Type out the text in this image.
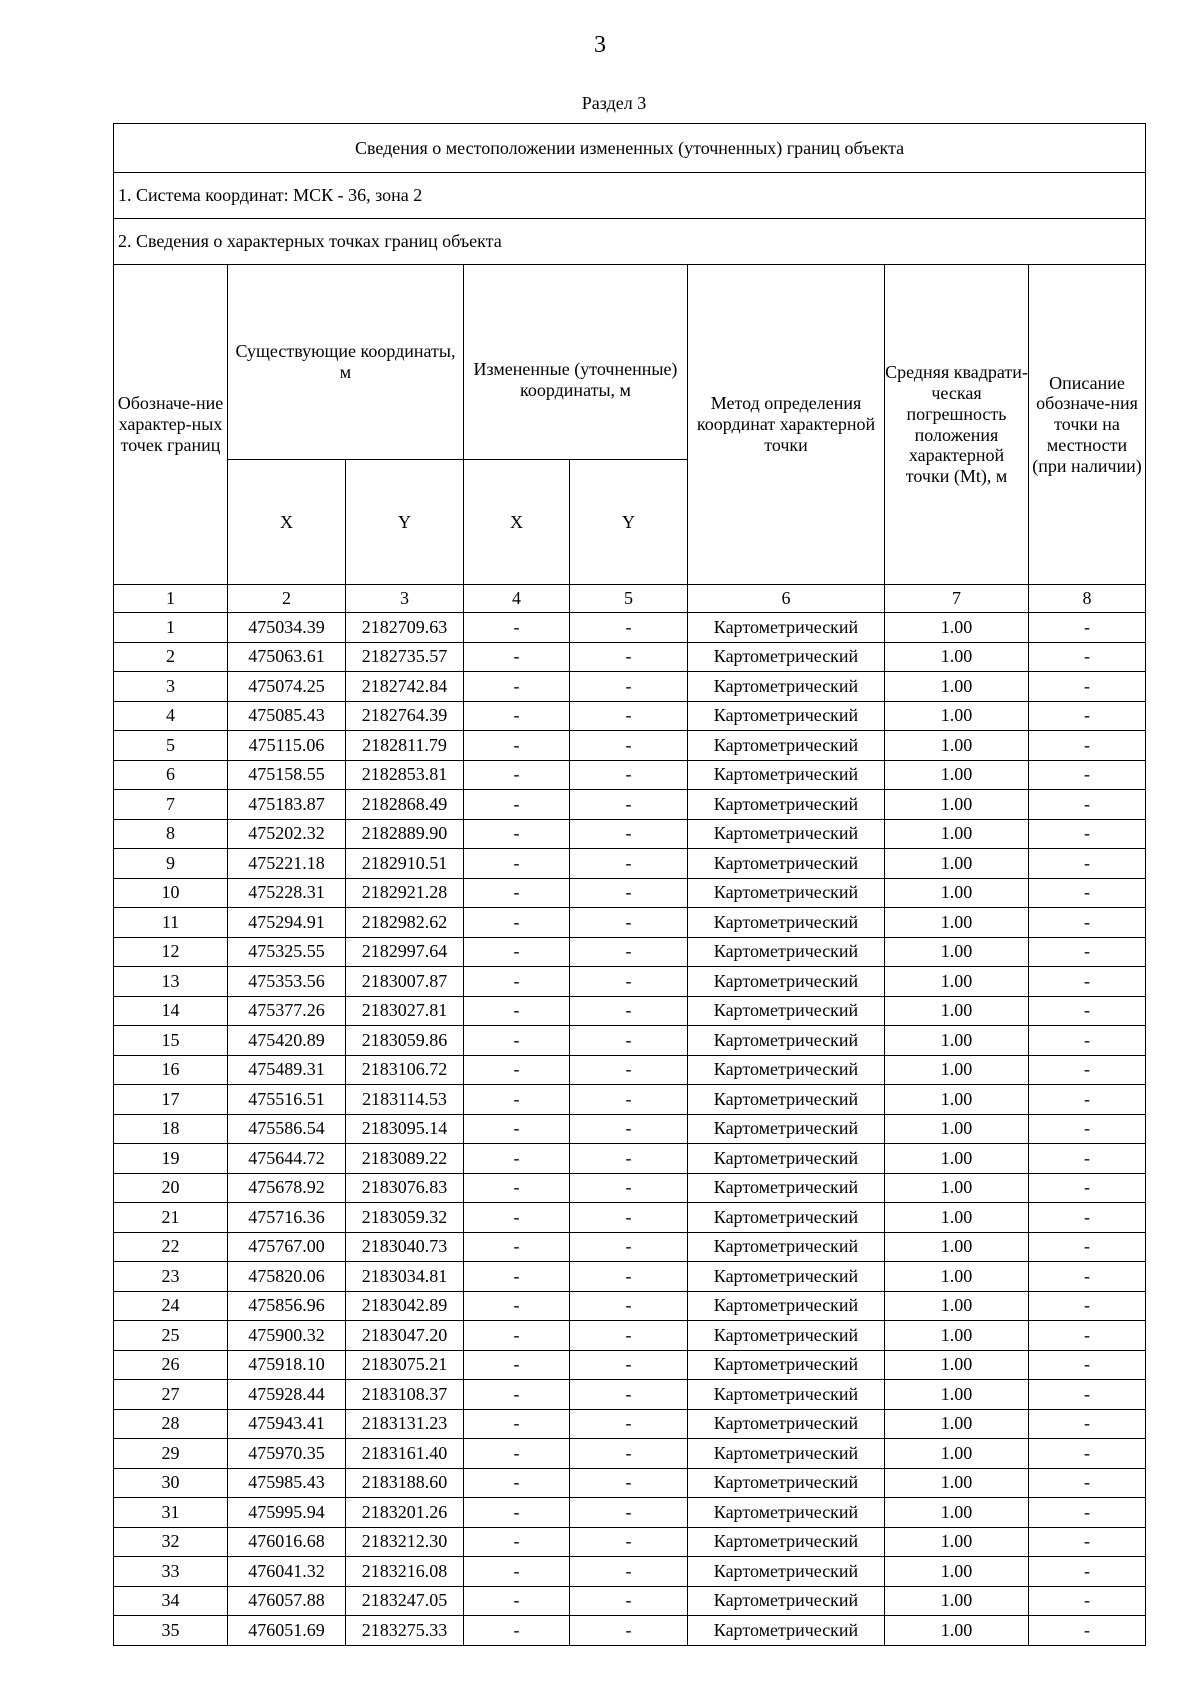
3
Раздел 3
Сведения о местоположении измененных (уточненных) границ объекта							
1. Система координат: МСК - 36, зона 2							
2. Сведения о характерных точках границ объекта							
Обозначе-ние характер-ных точек границ	Существующие координаты, м		Измененные (уточненные) координаты, м		Метод определения координат характерной точки	Средняя квадрати-ческая погрешность положения характерной точки (Mt), м	Описание обозначе-ния точки на местности (при наличии)
	X	Y	X	Y			
1	2	3	4	5	6	7	8
1	475034.39	2182709.63	-	-	Картометрический	1.00	-
2	475063.61	2182735.57	-	-	Картометрический	1.00	-
3	475074.25	2182742.84	-	-	Картометрический	1.00	-
4	475085.43	2182764.39	-	-	Картометрический	1.00	-
5	475115.06	2182811.79	-	-	Картометрический	1.00	-
6	475158.55	2182853.81	-	-	Картометрический	1.00	-
7	475183.87	2182868.49	-	-	Картометрический	1.00	-
8	475202.32	2182889.90	-	-	Картометрический	1.00	-
9	475221.18	2182910.51	-	-	Картометрический	1.00	-
10	475228.31	2182921.28	-	-	Картометрический	1.00	-
11	475294.91	2182982.62	-	-	Картометрический	1.00	-
12	475325.55	2182997.64	-	-	Картометрический	1.00	-
13	475353.56	2183007.87	-	-	Картометрический	1.00	-
14	475377.26	2183027.81	-	-	Картометрический	1.00	-
15	475420.89	2183059.86	-	-	Картометрический	1.00	-
16	475489.31	2183106.72	-	-	Картометрический	1.00	-
17	475516.51	2183114.53	-	-	Картометрический	1.00	-
18	475586.54	2183095.14	-	-	Картометрический	1.00	-
19	475644.72	2183089.22	-	-	Картометрический	1.00	-
20	475678.92	2183076.83	-	-	Картометрический	1.00	-
21	475716.36	2183059.32	-	-	Картометрический	1.00	-
22	475767.00	2183040.73	-	-	Картометрический	1.00	-
23	475820.06	2183034.81	-	-	Картометрический	1.00	-
24	475856.96	2183042.89	-	-	Картометрический	1.00	-
25	475900.32	2183047.20	-	-	Картометрический	1.00	-
26	475918.10	2183075.21	-	-	Картометрический	1.00	-
27	475928.44	2183108.37	-	-	Картометрический	1.00	-
28	475943.41	2183131.23	-	-	Картометрический	1.00	-
29	475970.35	2183161.40	-	-	Картометрический	1.00	-
30	475985.43	2183188.60	-	-	Картометрический	1.00	-
31	475995.94	2183201.26	-	-	Картометрический	1.00	-
32	476016.68	2183212.30	-	-	Картометрический	1.00	-
33	476041.32	2183216.08	-	-	Картометрический	1.00	-
34	476057.88	2183247.05	-	-	Картометрический	1.00	-
35	476051.69	2183275.33	-	-	Картометрический	1.00	-
